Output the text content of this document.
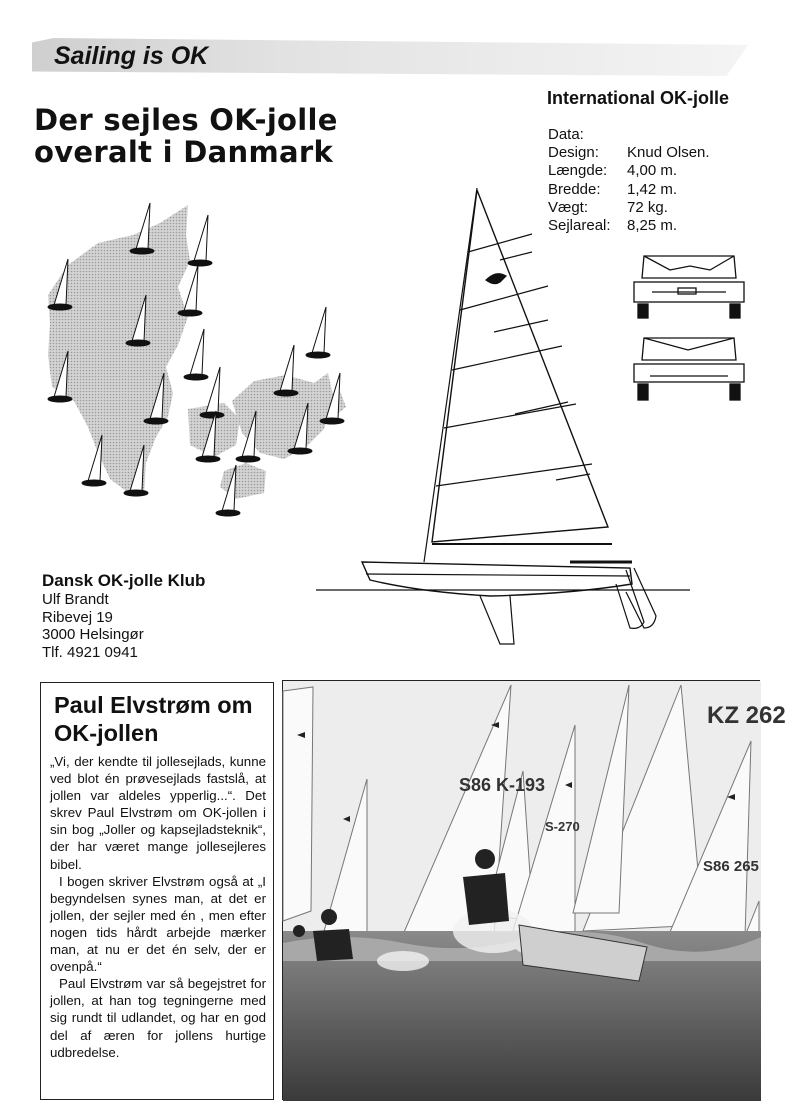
Sailing is OK
Der sejles OK-jolle overalt i Danmark
International OK-jolle
Data:
Design:	Knud Olsen.
Længde:	4,00 m.
Bredde:	1,42 m.
Vægt:	72 kg.
Sejlareal:	8,25 m.
Dansk OK-jolle Klub
Ulf Brandt
Ribevej 19
3000 Helsingør
Tlf. 4921 0941
Paul Elvstrøm om OK-jollen

„Vi, der kendte til jollesejlads, kunne ved blot én prøvesejlads fastslå, at jollen var aldeles ypperlig...“. Det skrev Paul Elvstrøm om OK-jollen i sin bog „Joller og kapsejladsteknik“, der har været mange jollesejleres bibel.

I bogen skriver Elvstrøm også at „I begyndelsen synes man, at det er jollen, der sejler med én , men efter nogen tids hårdt arbejde mærker man, at nu er det én selv, der er ovenpå.“

Paul Elvstrøm var så begejstret for jollen, at han tog tegningerne med sig rundt til udlandet, og har en god del af æren for jollens hurtige udbredelse.

KZ 262
S86 K-193
S-270
S86 265
